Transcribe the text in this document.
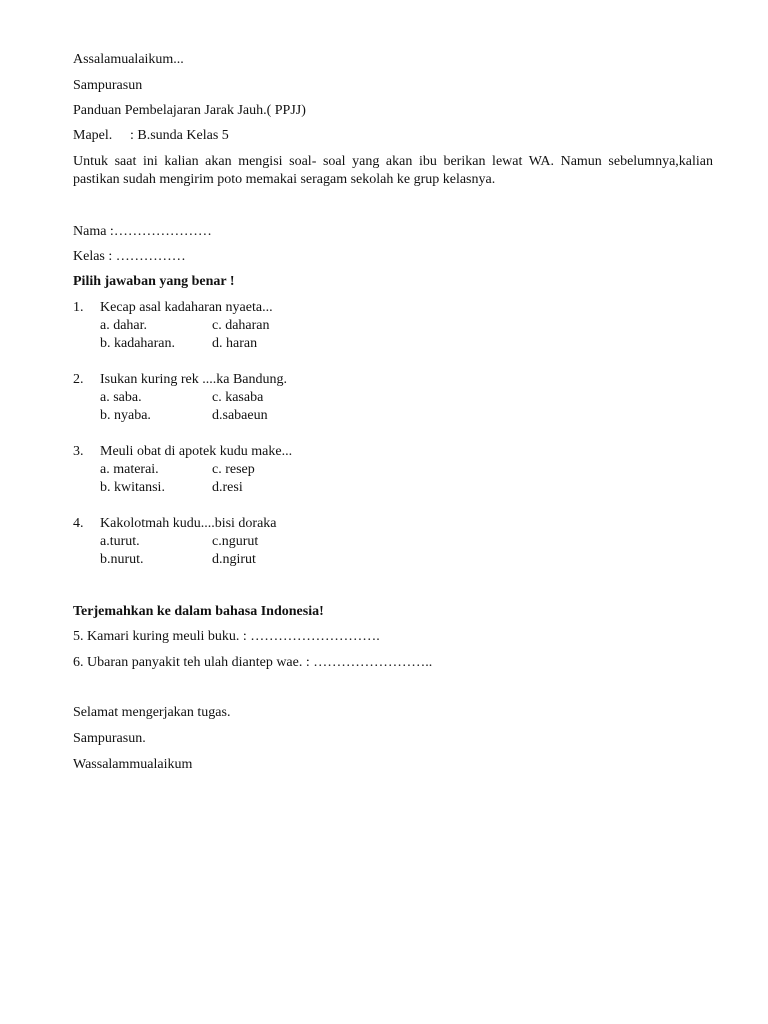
Assalamualaikum...
Sampurasun
Panduan Pembelajaran Jarak Jauh.( PPJJ)
Mapel. : B.sunda Kelas 5
Untuk saat ini kalian akan mengisi soal- soal yang akan ibu berikan lewat WA. Namun sebelumnya,kalian pastikan sudah mengirim poto memakai seragam sekolah ke grup kelasnya.
Nama :…………………
Kelas : ……………
Pilih jawaban yang benar !
1. Kecap asal kadaharan nyaeta...
a. dahar.	c. daharan
b. kadaharan.	d. haran
2. Isukan kuring rek ....ka Bandung.
a. saba.	c. kasaba
b. nyaba.	d.sabaeun
3. Meuli obat di apotek kudu make...
a. materai.	c. resep
b. kwitansi.	d.resi
4. Kakolotmah kudu....bisi doraka
a.turut.	c.ngurut
b.nurut.	d.ngirut
Terjemahkan ke dalam bahasa Indonesia!
5. Kamari kuring meuli buku. : ……………………….
6. Ubaran panyakit teh ulah diantep wae. : ……………………..
Selamat mengerjakan tugas.
Sampurasun.
Wassalammualaikum
